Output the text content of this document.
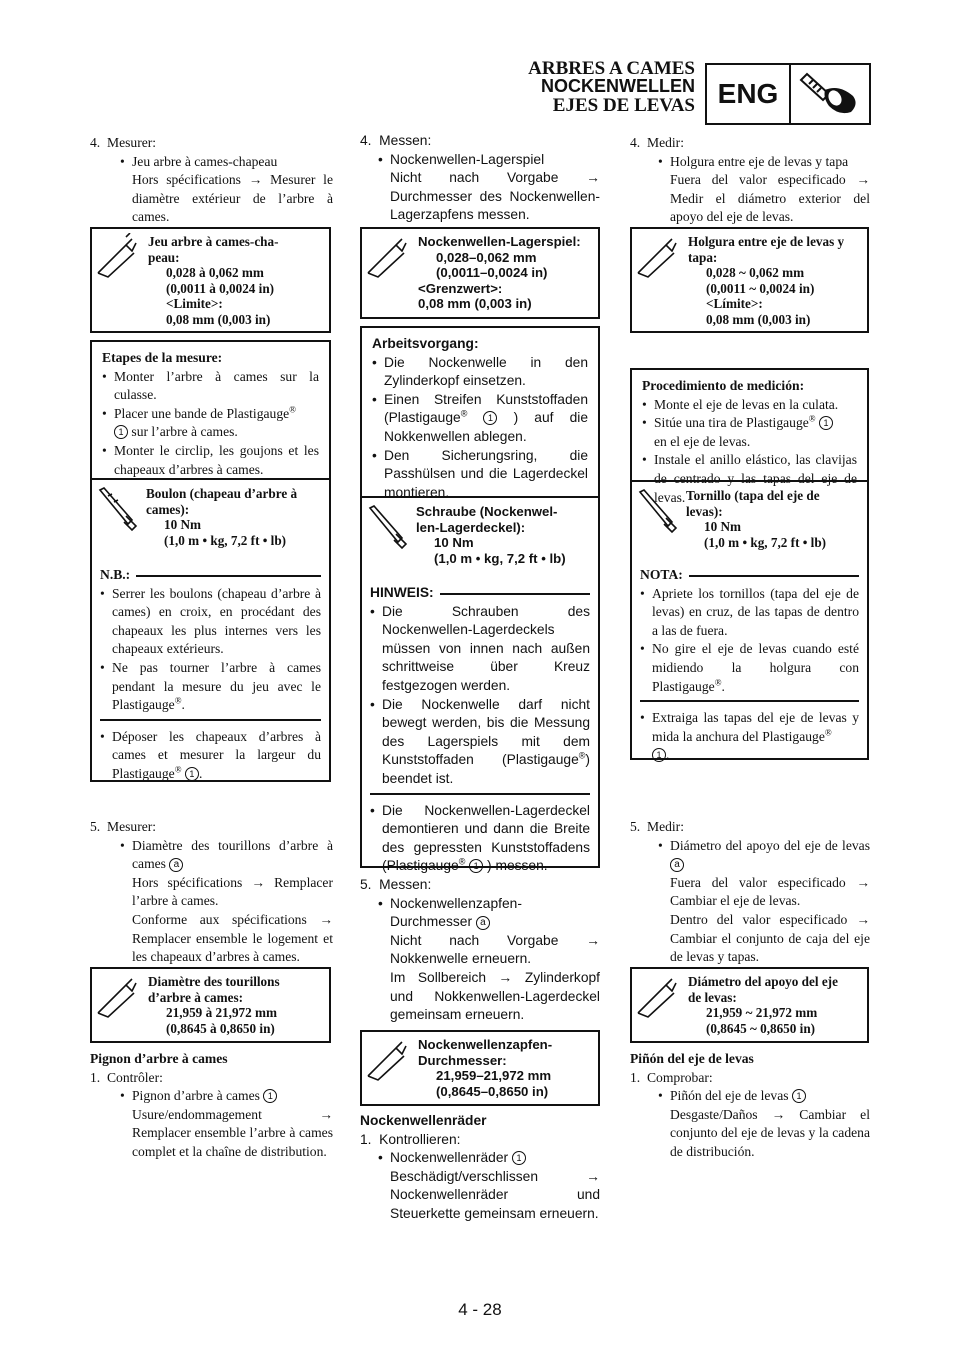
ARBRES A CAMES
NOCKENWELLEN
EJES DE LEVAS ENG
4.  Mesurer:
• Jeu arbre à cames-chapeau
Hors spécifications → Mesurer le diamètre extérieur de l’arbre à cames.
Jeu arbre à cames-cha-
peau:
0,028 à 0,062 mm
(0,0011 à 0,0024 in)
<Limite>:
0,08 mm (0,003 in)
Etapes de la mesure:
• Monter l’arbre à cames sur la culasse.
• Placer une bande de Plastigauge®
1 sur l’arbre à cames.
• Monter le circlip, les goujons et les chapeaux d’arbres à cames.
Boulon (chapeau d’arbre à
cames):
10 Nm
(1,0 m • kg, 7,2 ft • lb)
N.B.:
• Serrer les boulons (chapeau d’arbre à cames) en croix, en procédant des chapeaux les plus internes vers les chapeaux extérieurs.
• Ne pas tourner l’arbre à cames pendant la mesure du jeu avec le Plastigauge®.
• Déposer les chapeaux d’arbres à cames et mesurer la largeur du Plastigauge® 1 .
5.  Mesurer:
• Diamètre des tourillons d’arbre à cames a
Hors spécifications → Remplacer l’arbre à cames.
Conforme aux spécifications → Remplacer ensemble le logement et les chapeaux d’arbres à cames.
Diamètre des tourillons
d’arbre à cames:
21,959 à 21,972 mm
(0,8645 à 0,8650 in)
Pignon d’arbre à cames
1.  Contrôler:
• Pignon d’arbre à cames 1
Usure/endommagement → Remplacer ensemble l’arbre à cames complet et la chaîne de distribution.
4.  Messen:
• Nockenwellen-Lagerspiel
Nicht nach Vorgabe → Durchmesser des Nockenwellen-Lagerzapfens messen.
Nockenwellen-Lagerspiel:
0,028–0,062 mm
(0,0011–0,0024 in)
<Grenzwert>:
0,08 mm (0,003 in)
Arbeitsvorgang:
• Die Nockenwelle in den Zylinderkopf einsetzen.
• Einen Streifen Kunststoffaden (Plastigauge® 1 ) auf die Nokkenwellen ablegen.
• Den Sicherungsring, die Passhülsen und die Lagerdeckel montieren.
Schraube (Nockenwel-
len-Lagerdeckel):
10 Nm
(1,0 m • kg, 7,2 ft • lb)
HINWEIS:
• Die Schrauben des Nockenwellen-Lagerdeckels müssen von innen nach außen schrittweise über Kreuz festgezogen werden.
• Die Nockenwelle darf nicht bewegt werden, bis die Messung des Lagerspiels mit dem Kunststoffaden (Plastigauge®) beendet ist.
• Die Nockenwellen-Lagerdeckel demontieren und dann die Breite des gepressten Kunststoffadens (Plastigauge® 1 ) messen.
5.  Messen:
• Nockenwellenzapfen-Durchmesser a
Nicht nach Vorgabe → Nokkenwelle erneuern.
Im Sollbereich → Zylinderkopf und Nokkenwellen-Lagerdeckel gemeinsam erneuern.
Nockenwellenzapfen-
Durchmesser:
21,959–21,972 mm
(0,8645–0,8650 in)
Nockenwellenräder
1.  Kontrollieren:
• Nockenwellenräder 1
Beschädigt/verschlissen → Nockenwellenräder und Steuerkette gemeinsam erneuern.
4.  Medir:
• Holgura entre eje de levas y tapa
Fuera del valor especificado → Medir el diámetro exterior del apoyo del eje de levas.
Holgura entre eje de levas y
tapa:
0,028 ~ 0,062 mm
(0,0011 ~ 0,0024 in)
<Límite>:
0,08 mm (0,003 in)
Procedimiento de medición:
• Monte el eje de levas en la culata.
• Sitúe una tira de Plastigauge® 1
en el eje de levas.
• Instale el anillo elástico, las clavijas de centrado y las tapas del eje de levas. Tornillo (tapa del eje de
levas):
10 Nm
(1,0 m • kg, 7,2 ft • lb)
NOTA:
• Apriete los tornillos (tapa del eje de levas) en cruz, de las tapas de dentro a las de fuera.
• No gire el eje de levas cuando esté midiendo la holgura con Plastigauge®.
• Extraiga las tapas del eje de levas y mida la anchura del Plastigauge®
1 .
5.  Medir:
• Diámetro del apoyo del eje de levas a
Fuera del valor especificado → Cambiar el eje de levas.
Dentro del valor especificado → Cambiar el conjunto de caja del eje de levas y tapas.
Diámetro del apoyo del eje
de levas:
21,959 ~ 21,972 mm
(0,8645 ~ 0,8650 in)
Piñón del eje de levas
1.  Comprobar:
• Piñón del eje de levas 1
Desgaste/Daños → Cambiar el conjunto del eje de levas y la cadena de distribución.
4 - 28
